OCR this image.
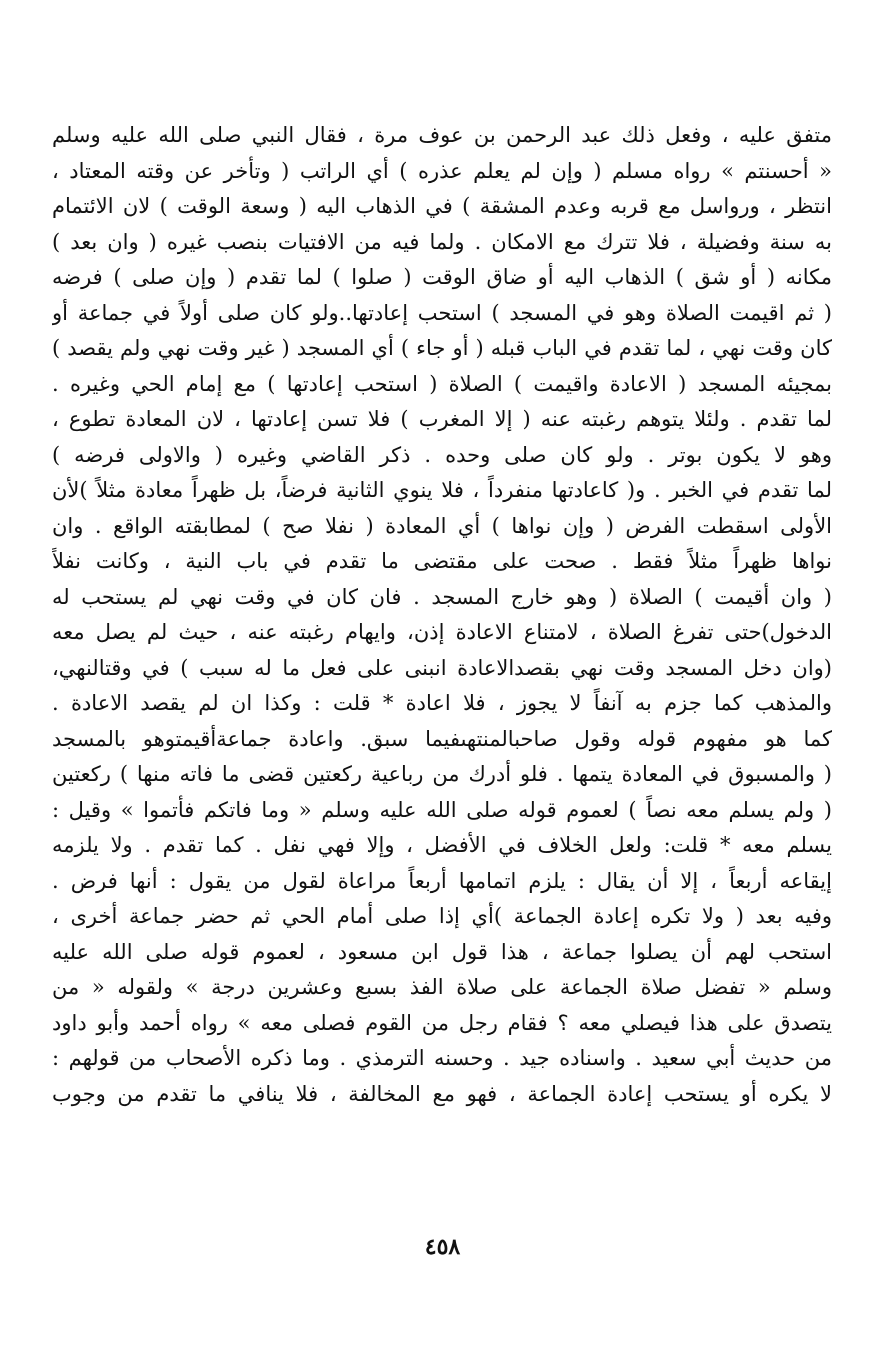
متفق عليه ، وفعل ذلك عبد الرحمن بن عوف مرة ، فقال النبي صلى الله عليه وسلم
« أحسنتم » رواه مسلم ( وإن لم يعلم عذره ) أي الراتب ( وتأخر عن وقته المعتاد ،
انتظر ، ورواسل مع قربه وعدم المشقة ) في الذهاب اليه ( وسعة الوقت ) لان الائتمام
به سنة وفضيلة ، فلا تترك مع الامكان . ولما فيه من الافتيات بنصب غيره ( وان بعد )
مكانه ( أو شق ) الذهاب اليه أو ضاق الوقت ( صلوا ) لما تقدم ( وإن صلى ) فرضه
( ثم اقيمت الصلاة وهو في المسجد ) استحب إعادتها..ولو كان صلى أولاً في جماعة أو
كان وقت نهي ، لما تقدم في الباب قبله ( أو جاء ) أي المسجد ( غير وقت نهي ولم يقصد )
بمجيئه المسجد ( الاعادة واقيمت ) الصلاة ( استحب إعادتها ) مع إمام الحي وغيره .
لما تقدم . ولئلا يتوهم رغبته عنه ( إلا المغرب ) فلا تسن إعادتها ، لان المعادة تطوع ،
وهو لا يكون بوتر . ولو كان صلى وحده . ذكر القاضي وغيره ( والاولى فرضه )
لما تقدم في الخبر . و( كاعادتها منفرداً ، فلا ينوي الثانية فرضاً، بل ظهراً معادة مثلاً )لأن
الأولى اسقطت الفرض ( وإن نواها ) أي المعادة ( نفلا صح ) لمطابقته الواقع . وان
نواها ظهراً مثلاً فقط . صحت على مقتضى ما تقدم في باب النية ، وكانت نفلاً
( وان أقيمت ) الصلاة ( وهو خارج المسجد . فان كان في وقت نهي لم يستحب له
الدخول)حتى تفرغ الصلاة ، لامتناع الاعادة إذن، وايهام رغبته عنه ، حيث لم يصل معه
(وان دخل المسجد وقت نهي بقصدالاعادة انبنى على فعل ما له سبب ) في وقتالنهي،
والمذهب كما جزم به آنفاً لا يجوز ، فلا اعادة * قلت : وكذا ان لم يقصد الاعادة .
كما هو مفهوم قوله وقول صاحبالمنتهىفيما سبق. واعادة جماعةأقيمتوهو بالمسجد
( والمسبوق في المعادة يتمها . فلو أدرك من رباعية ركعتين قضى ما فاته منها ) ركعتين
( ولم يسلم معه نصاً ) لعموم قوله صلى الله عليه وسلم « وما فاتكم فأتموا » وقيل :
يسلم معه * قلت: ولعل الخلاف في الأفضل ، وإلا فهي نفل . كما تقدم . ولا يلزمه
إيقاعه أربعاً ، إلا أن يقال : يلزم اتمامها أربعاً مراعاة لقول من يقول : أنها فرض .
وفيه بعد ( ولا تكره إعادة الجماعة )أي إذا صلى أمام الحي ثم حضر جماعة أخرى ،
استحب لهم أن يصلوا جماعة ، هذا قول ابن مسعود ، لعموم قوله صلى الله عليه
وسلم « تفضل صلاة الجماعة على صلاة الفذ بسبع وعشرين درجة » ولقوله « من
يتصدق على هذا فيصلي معه ؟ فقام رجل من القوم فصلى معه » رواه أحمد وأبو داود
من حديث أبي سعيد . واسناده جيد . وحسنه الترمذي . وما ذكره الأصحاب من قولهم :
لا يكره أو يستحب إعادة الجماعة ، فهو مع المخالفة ، فلا ينافي ما تقدم من وجوب
٤٥٨
